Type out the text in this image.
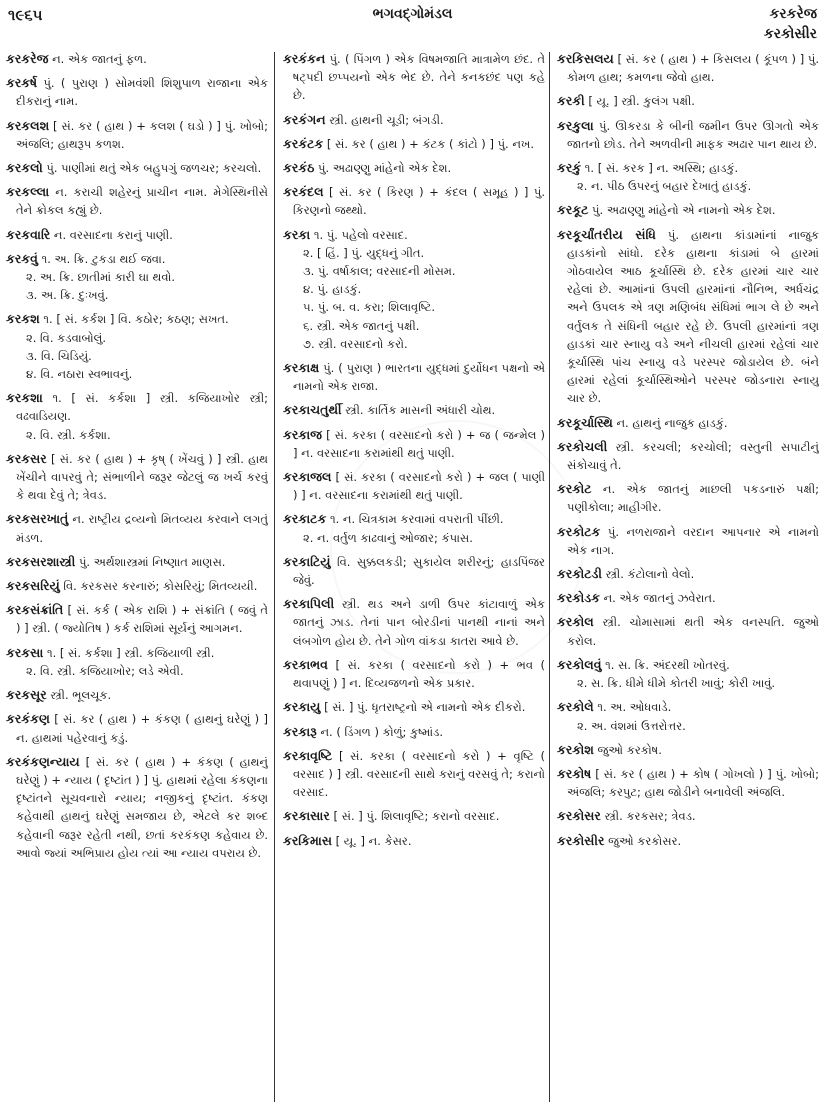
૧૯૬૫	ભગવદ્ગોમંડલ	કરકરેજ
કરકોસીર
કરકરેજ ન. એક જાતનું ફળ.
કરકર્ષ પું. ( પુરાણ ) સોમવંશી શિશુપાળ રાજાના એક દીકરાનું નામ.
કરકલશ [ સં. કર ( હાથ ) + કલશ ( ઘડો ) ] પું. ખોબો; અંજલિ; હાથરૂપ કળશ.
કરકલો પું. પાણીમાં થતું એક બહુપગું જળચર; કરચલો.
કરકલ્લા ન. કરાચી શહેરનું પ્રાચીન નામ. મેગેસ્થિનીસે તેને ક્રોકલ કહ્યું છે.
કરકવારિ ન. વરસાદના કરાનું પાણી.
કરકવું ૧. અ. ક્રિ. ટુકડા થઈ જવા.
૨. અ. ક્રિ. છાતીમાં કારી ઘા થવો.
૩. અ. ક્રિ. દુઃખવું.
કરકશ ૧. [ સં. કર્કશ ] વિ. કઠોર; કઠણ; સખત.
૨. વિ. કડવાબોલું.
૩. વિ. ચિડિયું.
૪. વિ. નઠારા સ્વભાવનું.
કરકશા ૧. [ સં. કર્કશા ] સ્ત્રી. કજિયાખોર સ્ત્રી; વઢવાડિયણ.
૨. વિ. સ્ત્રી. કર્કશા.
કરકસર [ સં. કર ( હાથ ) + કૃષ્ ( ખેંચવું ) ] સ્ત્રી. હાથ ખેંચીને વાપરવું તે; સંભાળીને જરૂર જેટલું જ ખર્ચ કરવું કે થવા દેવું તે; ત્રેવડ.
કરકસરખાતું ન. રાષ્ટ્રીય દ્રવ્યનો મિતવ્યય કરવાને લગતું મંડળ.
કરકસરશાસ્ત્રી પું. અર્થશાસ્ત્રમાં નિષ્ણાત માણસ.
કરકસરિયું વિ. કરકસર કરનારું; કોસરિયું; મિતવ્યયી.
કરકસંક્રાંતિ [ સં. કર્ક ( એક રાશિ ) + સંક્રાંતિ ( જવું તે ) ] સ્ત્રી. ( જ્યોતિષ ) કર્ક રાશિમાં સૂર્યનું આગમન.
કરકસા ૧. [ સં. કર્કશા ] સ્ત્રી. કજિયાળી સ્ત્રી.
૨. વિ. સ્ત્રી. કજિયાખોર; લડે એવી.
કરકસૂર સ્ત્રી. ભૂલચૂક.
કરકંકણ [ સં. કર ( હાથ ) + કંકણ ( હાથનું ઘરેણું ) ] ન. હાથમાં પહેરવાનું કડું.
કરકંકણન્યાય [ સં. કર ( હાથ ) + કંકણ ( હાથનું ઘરેણું ) + ન્યાય ( દૃષ્ટાંત ) ] પું. હાથમાં રહેલા કંકણના દૃષ્ટાંતને સૂચવનારો ન્યાય; નજીકનું દૃષ્ટાંત. કંકણ કહેવાથી હાથનું ઘરેણું સમજાય છે, એટલે કર શબ્દ કહેવાની જરૂર રહેતી નથી, છતાં કરકંકણ કહેવાય છે. આવો જ્યાં અભિપ્રાય હોય ત્યાં આ ન્યાય વપરાય છે.
કરકંકન પું. ( પિંગળ ) એક વિષમજાતિ માત્રામેળ છંદ. તે ષટ્પદી છપ્પયનો એક ભેદ છે. તેને કનકછંદ પણ કહે છે.
કરકંગન સ્ત્રી. હાથની ચૂડી; બંગડી.
કરકંટક [ સં. કર ( હાથ ) + કંટક ( કાંટો ) ] પું. નખ.
કરકંઠ પું. અઢાણ્ણુ માંહેનો એક દેશ.
કરકંદલ [ સં. કર ( કિરણ ) + કંદલ ( સમૂહ ) ] પું. કિરણનો જથ્થો.
કરકા ૧. પું. પહેલો વરસાદ.
૨. [ હિં. ] પું. યુદ્ધનું ગીત.
૩. પું. વર્ષાકાલ; વરસાદની મોસમ.
૪. પું. હાડકું.
૫. પું. બ. વ. કરા; શિલાવૃષ્ટિ.
૬. સ્ત્રી. એક જાતનું પક્ષી.
૭. સ્ત્રી. વરસાદનો કરો.
કરકાક્ષ પું. ( પુરાણ ) ભારતના યુદ્ધમાં દુર્યોધન પક્ષનો એ નામનો એક રાજા.
કરકાચતુર્થી સ્ત્રી. કાર્તિક માસની અંધારી ચોથ.
કરકાજ [ સં. કરકા ( વરસાદનો કરો ) + જ ( જન્મેલ ) ] ન. વરસાદના કરામાંથી થતું પાણી.
કરકાજલ [ સં. કરકા ( વરસાદનો કરો ) + જલ ( પાણી ) ] ન. વરસાદના કરામાંથી થતું પાણી.
કરકાટક ૧. ન. ચિત્રકામ કરવામાં વપરાતી પીંછી.
૨. ન. વર્તુળ કાઢવાનું ઓજાર; કંપાસ.
કરકાટિયું વિ. સુક્કલકડી; સુકાયેલ શરીરનું; હાડપિંજર જેવું.
કરકાપિલી સ્ત્રી. થડ અને ડાળી ઉપર કાંટાવાળું એક જાતનું ઝાડ. તેનાં પાન બોરડીનાં પાનથી નાનાં અને લંબગોળ હોય છે. તેને ગોળ વાંકડા કાતરા આવે છે.
કરકાભવ [ સં. કરકા ( વરસાદનો કરો ) + ભવ ( થવાપણું ) ] ન. દિવ્યજળનો એક પ્રકાર.
કરકાયુ [ સં. ] પું. ધૃતરાષ્ટ્રનો એ નામનો એક દીકરો.
કરકારૂ ન. ( ડિંગળ ) કોળું; કુષ્માંડ.
કરકાવૃષ્ટિ [ સં. કરકા ( વરસાદનો કરો ) + વૃષ્ટિ ( વરસાદ ) ] સ્ત્રી. વરસાદની સાથે કરાનું વરસવું તે; કરાનો વરસાદ.
કરકાસાર [ સં. ] પું. શિલાવૃષ્ટિ; કરાનો વરસાદ.
કરકિમાસ [ યૂ. ] ન. કેસર.
કરકિસલય [ સં. કર ( હાથ ) + કિસલય ( કૂંપળ ) ] પું. કોમળ હાથ; કમળના જેવો હાથ.
કરકી [ યૂ. ] સ્ત્રી. કુલંગ પક્ષી.
કરકુલા પું. ઊકરડા કે બીની જમીન ઉપર ઊગતો એક જાતનો છોડ. તેને અળવીની માફક અઢાર પાન થાય છે.
કરકું ૧. [ સં. કરક ] ન. અસ્થિ; હાડકું.
૨. ન. પીઠ ઉપરનું બહાર દેખાતું હાડકું.
કરકૂટ પું. અઢાણ્ણુ માંહેનો એ નામનો એક દેશ.
કરકૂર્ચાંતરીય સંધિ પું. હાથના કાંડામાંનાં નાજુક હાડકાંનો સાંધો. દરેક હાથના કાંડામાં બે હારમાં ગોઠવાયેલ આઠ કૂર્ચાસ્થિ છે. દરેક હારમાં ચાર ચાર રહેલાં છે. આમાંનાં ઉપલી હારમાંનાં નૌનિભ, અર્ધચંદ્ર અને ઉપલક એ ત્રણ મણિબંધ સંધિમાં ભાગ લે છે અને વર્તુલક તે સંધિની બહાર રહે છે. ઉપલી હારમાંનાં ત્રણ હાડકાં ચાર સ્નાયુ વડે અને નીચલી હારમાં રહેલાં ચાર કૂર્ચાસ્થિ પાંચ સ્નાયુ વડે પરસ્પર જોડાયેલ છે. બંને હારમાં રહેલાં કૂર્ચાસ્થિઓને પરસ્પર જોડનારા સ્નાયુ ચાર છે.
કરકૂર્ચાસ્થિ ન. હાથનું નાજુક હાડકું.
કરકોચલી સ્ત્રી. કરચલી; કરચોલી; વસ્તુની સપાટીનું સંકોચાવું તે.
કરકોટ ન. એક જાતનું માછલી પકડનારું પક્ષી; પણીકોલા; માહીગીર.
કરકોટક પું. નળરાજાને વરદાન આપનાર એ નામનો એક નાગ.
કરકોટડી સ્ત્રી. કંટોલાનો વેલો.
કરકોડક ન. એક જાતનું ઝવેરાત.
કરકોલ સ્ત્રી. ચોમાસામાં થતી એક વનસ્પતિ. જુઓ કરોલ.
કરકોલવું ૧. સ. ક્રિ. અંદરથી ખોતરવું.
૨. સ. ક્રિ. ધીમે ધીમે કોતરી ખાવું; કોરી ખાવું.
કરકોલે ૧. અ. ઓધવાડે.
૨. અ. વંશમાં ઉત્તરોત્તર.
કરકોશ જુઓ કરકોષ.
કરકોષ [ સં. કર ( હાથ ) + કોષ ( ગોખલો ) ] પું. ખોબો; અંજલિ; કરપુટ; હાથ જોડીને બનાવેલી અંજલિ.
કરકોસર સ્ત્રી. કરકસર; ત્રેવડ.
કરકોસીર જુઓ કરકોસર.
